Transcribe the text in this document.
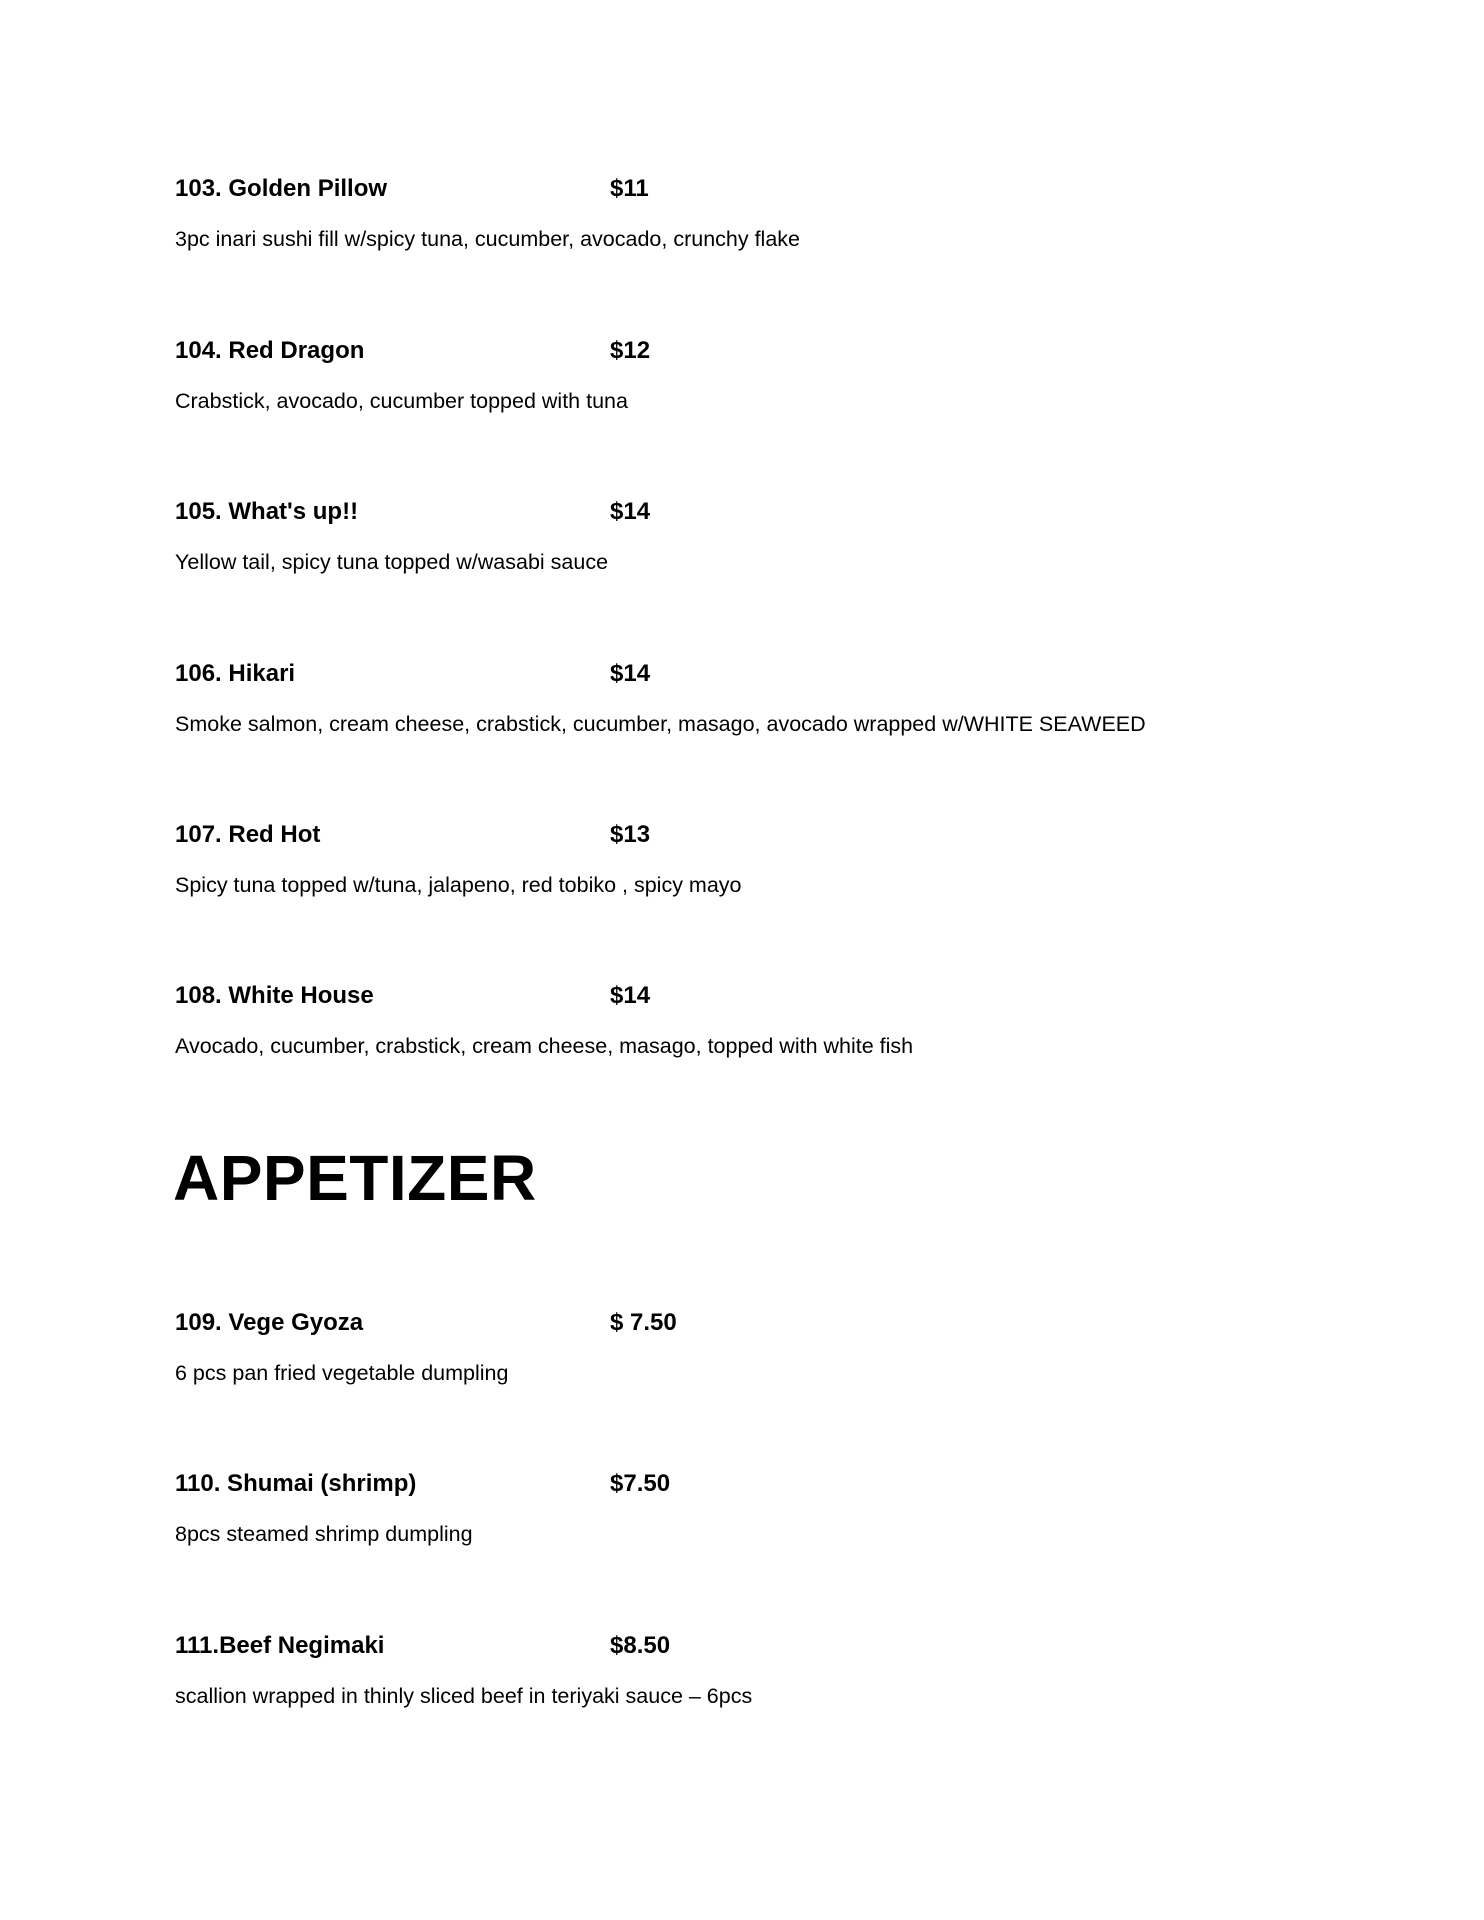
103. Golden Pillow	$11
3pc inari sushi fill w/spicy tuna, cucumber, avocado, crunchy flake
104. Red Dragon	$12
Crabstick, avocado, cucumber topped with tuna
105. What's up!!	$14
Yellow tail, spicy tuna topped w/wasabi sauce
106. Hikari	$14
Smoke salmon, cream cheese, crabstick, cucumber, masago, avocado wrapped w/WHITE SEAWEED
107. Red Hot	$13
Spicy tuna topped w/tuna, jalapeno, red tobiko , spicy mayo
108. White House	$14
Avocado, cucumber, crabstick, cream cheese, masago, topped with white fish
APPETIZER
109. Vege Gyoza	$ 7.50
6 pcs pan fried vegetable dumpling
110. Shumai (shrimp)	$7.50
8pcs steamed shrimp dumpling
111.Beef Negimaki	$8.50
scallion wrapped in thinly sliced beef in teriyaki sauce – 6pcs
